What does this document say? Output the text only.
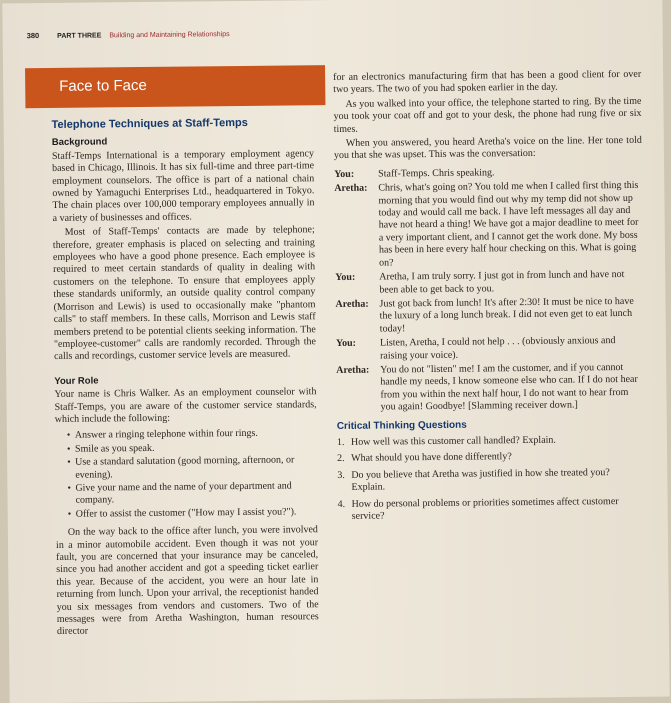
380	PART THREE Building and Maintaining Relationships
Face to Face
Telephone Techniques at Staff-Temps
Background

Staff-Temps International is a temporary employment agency based in Chicago, Illinois. It has six full-time and three part-time employment counselors. The office is part of a national chain owned by Yamaguchi Enterprises Ltd., headquartered in Tokyo. The chain places over 100,000 temporary employees annually in a variety of businesses and offices.

Most of Staff-Temps' contacts are made by telephone; therefore, greater emphasis is placed on selecting and training employees who have a good phone presence. Each employee is required to meet certain standards of quality in dealing with customers on the telephone. To ensure that employees apply these standards uniformly, an outside quality control company (Morrison and Lewis) is used to occasionally make "phantom calls" to staff members. In these calls, Morrison and Lewis staff members pretend to be potential clients seeking information. The "employee-customer" calls are randomly recorded. Through the calls and recordings, customer service levels are measured.

Your Role

Your name is Chris Walker. As an employment counselor with Staff-Temps, you are aware of the customer service standards, which include the following:

• Answer a ringing telephone within four rings.
• Smile as you speak.
• Use a standard salutation (good morning, afternoon, or evening).
• Give your name and the name of your department and company.
• Offer to assist the customer ("How may I assist you?").

On the way back to the office after lunch, you were involved in a minor automobile accident. Even though it was not your fault, you are concerned that your insurance may be canceled, since you had another accident and got a speeding ticket earlier this year. Because of the accident, you were an hour late in returning from lunch. Upon your arrival, the receptionist handed you six messages from vendors and customers. Two of the messages were from Aretha Washington, human resources director

for an electronics manufacturing firm that has been a good client for over two years. The two of you had spoken earlier in the day.

As you walked into your office, the telephone started to ring. By the time you took your coat off and got to your desk, the phone had rung five or six times.

When you answered, you heard Aretha's voice on the line. Her tone told you that she was upset. This was the conversation:

You:	Staff-Temps. Chris speaking.
Aretha:	Chris, what's going on? You told me when I called first thing this morning that you would find out why my temp did not show up today and would call me back. I have left messages all day and have not heard a thing! We have got a major deadline to meet for a very important client, and I cannot get the work done. My boss has been in here every half hour checking on this. What is going on?
You:	Aretha, I am truly sorry. I just got in from lunch and have not been able to get back to you.
Aretha:	Just got back from lunch! It's after 2:30! It must be nice to have the luxury of a long lunch break. I did not even get to eat lunch today!
You:	Listen, Aretha, I could not help . . . (obviously anxious and raising your voice).
Aretha:	You do not "listen" me! I am the customer, and if you cannot handle my needs, I know someone else who can. If I do not hear from you within the next half hour, I do not want to hear from you again! Goodbye! [Slamming receiver down.]
Critical Thinking Questions
1. How well was this customer call handled? Explain.
2. What should you have done differently?
3. Do you believe that Aretha was justified in how she treated you? Explain.
4. How do personal problems or priorities sometimes affect customer service?
